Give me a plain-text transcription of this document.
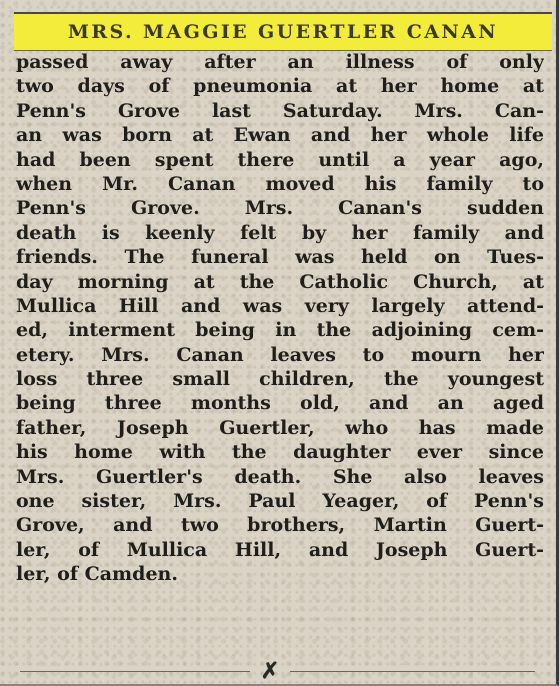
MRS. MAGGIE GUERTLER CANAN
passed away after an illness of only
two days of pneumonia at her home at
Penn's Grove last Saturday. Mrs. Can-
an was born at Ewan and her whole life
had been spent there until a year ago,
when Mr. Canan moved his family to
Penn's Grove. Mrs. Canan's sudden
death is keenly felt by her family and
friends. The funeral was held on Tues-
day morning at the Catholic Church, at
Mullica Hill and was very largely attend-
ed, interment being in the adjoining cem-
etery. Mrs. Canan leaves to mourn her
loss three small children, the youngest
being three months old, and an aged
father, Joseph Guertler, who has made
his home with the daughter ever since
Mrs. Guertler's death. She also leaves
one sister, Mrs. Paul Yeager, of Penn's
Grove, and two brothers, Martin Guert-
ler, of Mullica Hill, and Joseph Guert-
ler, of Camden.
✗
